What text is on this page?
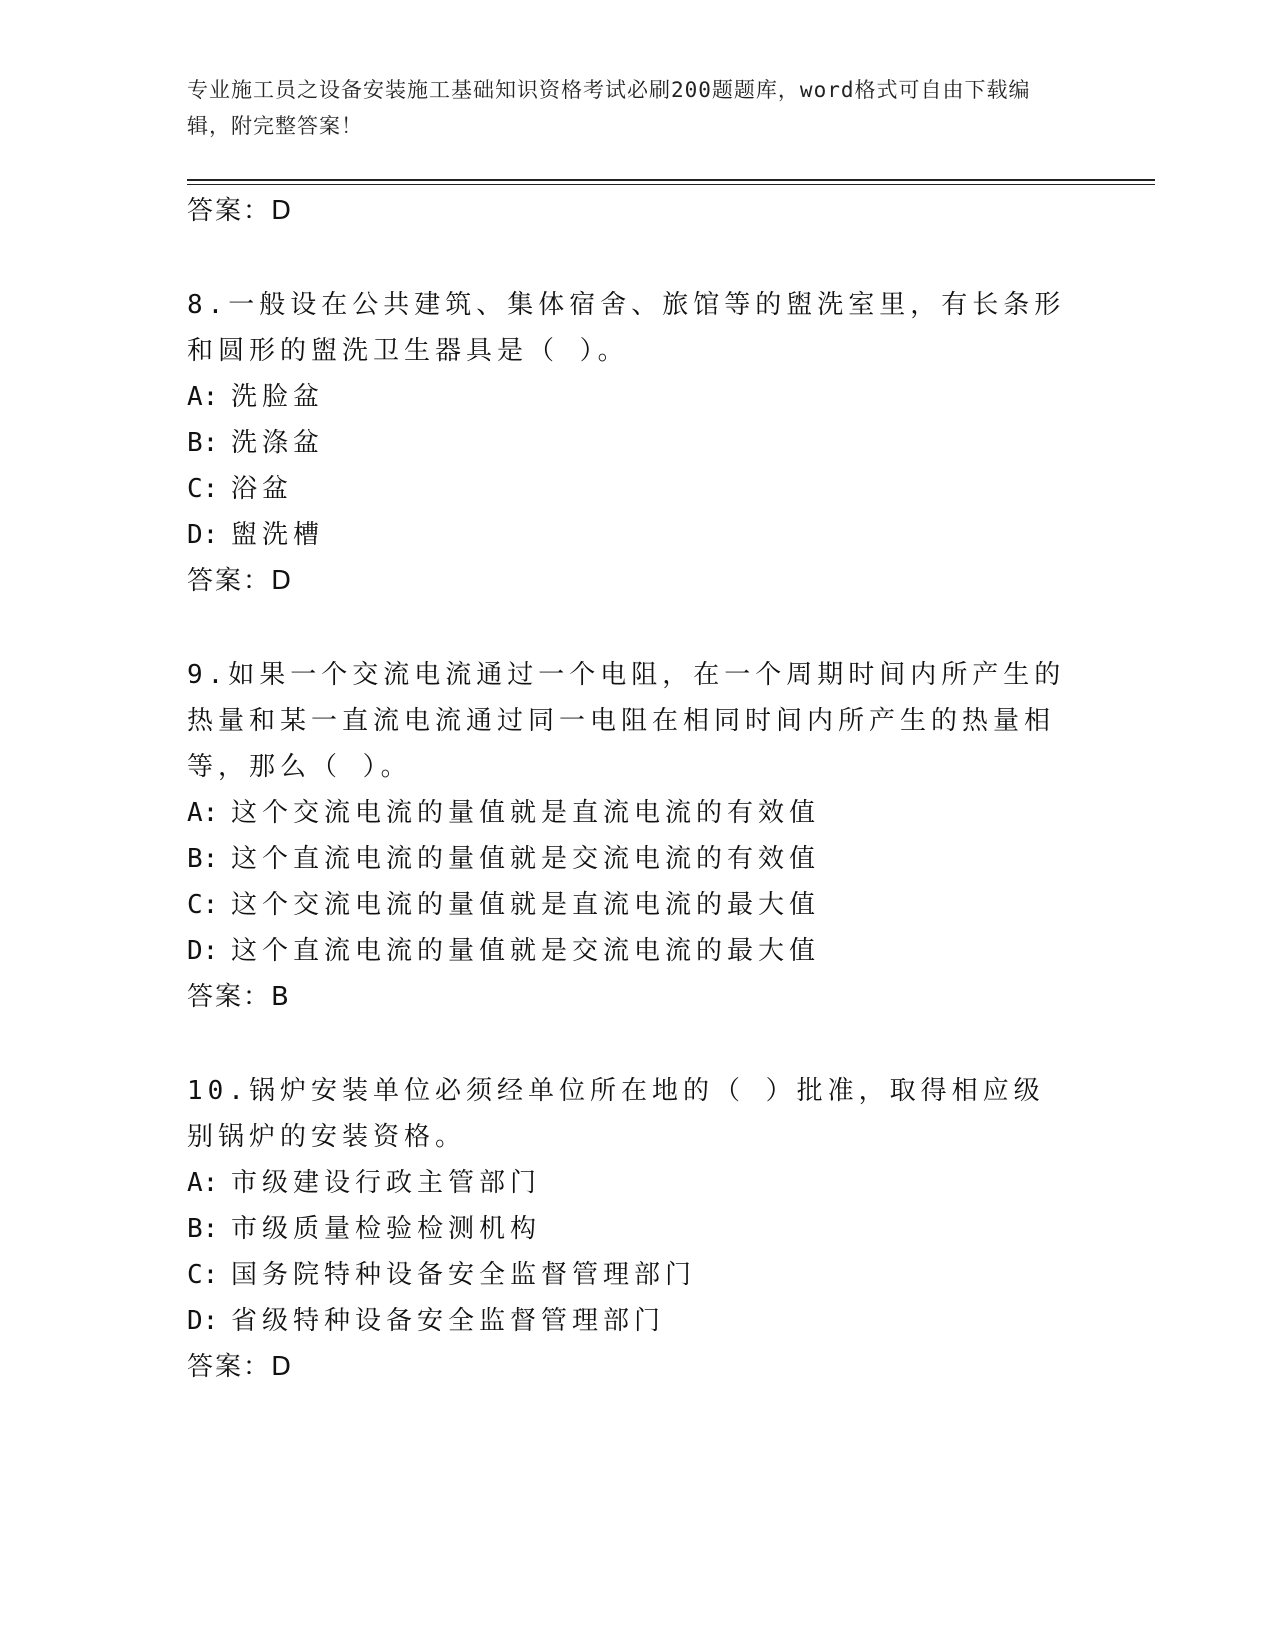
专业施工员之设备安装施工基础知识资格考试必刷200题题库，word格式可自由下载编辑，附完整答案！
答案：D
8.一般设在公共建筑、集体宿舍、旅馆等的盥洗室里，有长条形和圆形的盥洗卫生器具是（ ）。
A: 洗脸盆
B: 洗涤盆
C: 浴盆
D: 盥洗槽
答案：D
9.如果一个交流电流通过一个电阻，在一个周期时间内所产生的热量和某一直流电流通过同一电阻在相同时间内所产生的热量相等，那么（ ）。
A: 这个交流电流的量值就是直流电流的有效值
B: 这个直流电流的量值就是交流电流的有效值
C: 这个交流电流的量值就是直流电流的最大值
D: 这个直流电流的量值就是交流电流的最大值
答案：B
10.锅炉安装单位必须经单位所在地的（ ）批准，取得相应级别锅炉的安装资格。
A: 市级建设行政主管部门
B: 市级质量检验检测机构
C: 国务院特种设备安全监督管理部门
D: 省级特种设备安全监督管理部门
答案：D
